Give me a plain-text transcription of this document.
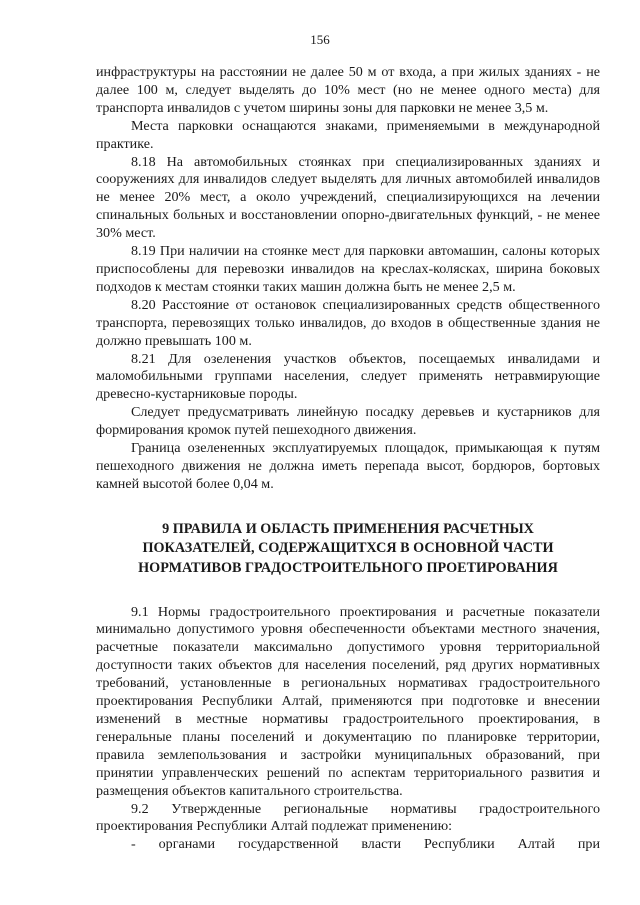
156

инфраструктуры на расстоянии не далее 50 м от входа, а при жилых зданиях - не далее 100 м, следует выделять до 10% мест (но не менее одного места) для транспорта инвалидов с учетом ширины зоны для парковки не менее 3,5 м.

Места парковки оснащаются знаками, применяемыми в международной практике.

8.18 На автомобильных стоянках при специализированных зданиях и сооружениях для инвалидов следует выделять для личных автомобилей инвалидов не менее 20% мест, а около учреждений, специализирующихся на лечении спинальных больных и восстановлении опорно-двигательных функций, - не менее 30% мест.

8.19 При наличии на стоянке мест для парковки автомашин, салоны которых приспособлены для перевозки инвалидов на креслах-колясках, ширина боковых подходов к местам стоянки таких машин должна быть не менее 2,5 м.

8.20 Расстояние от остановок специализированных средств общественного транспорта, перевозящих только инвалидов, до входов в общественные здания не должно превышать 100 м.

8.21 Для озеленения участков объектов, посещаемых инвалидами и маломобильными группами населения, следует применять нетравмирующие древесно-кустарниковые породы.

Следует предусматривать линейную посадку деревьев и кустарников для формирования кромок путей пешеходного движения.

Граница озелененных эксплуатируемых площадок, примыкающая к путям пешеходного движения не должна иметь перепада высот, бордюров, бортовых камней высотой более 0,04 м.

9 ПРАВИЛА И ОБЛАСТЬ ПРИМЕНЕНИЯ РАСЧЕТНЫХ
ПОКАЗАТЕЛЕЙ, СОДЕРЖАЩИТХСЯ В ОСНОВНОЙ ЧАСТИ
НОРМАТИВОВ ГРАДОСТРОИТЕЛЬНОГО ПРОЕТИРОВАНИЯ

9.1 Нормы градостроительного проектирования и расчетные показатели минимально допустимого уровня обеспеченности объектами местного значения, расчетные показатели максимально допустимого уровня территориальной доступности таких объектов для населения поселений, ряд других нормативных требований, установленные в региональных нормативах градостроительного проектирования Республики Алтай, применяются при подготовке и внесении изменений в местные нормативы градостроительного проектирования, в генеральные планы поселений и документацию по планировке территории, правила землепользования и застройки муниципальных образований, при принятии управленческих решений по аспектам территориального развития и размещения объектов капитального строительства.

9.2 Утвержденные региональные нормативы градостроительного проектирования Республики Алтай подлежат применению:

- органами государственной власти Республики Алтай при
